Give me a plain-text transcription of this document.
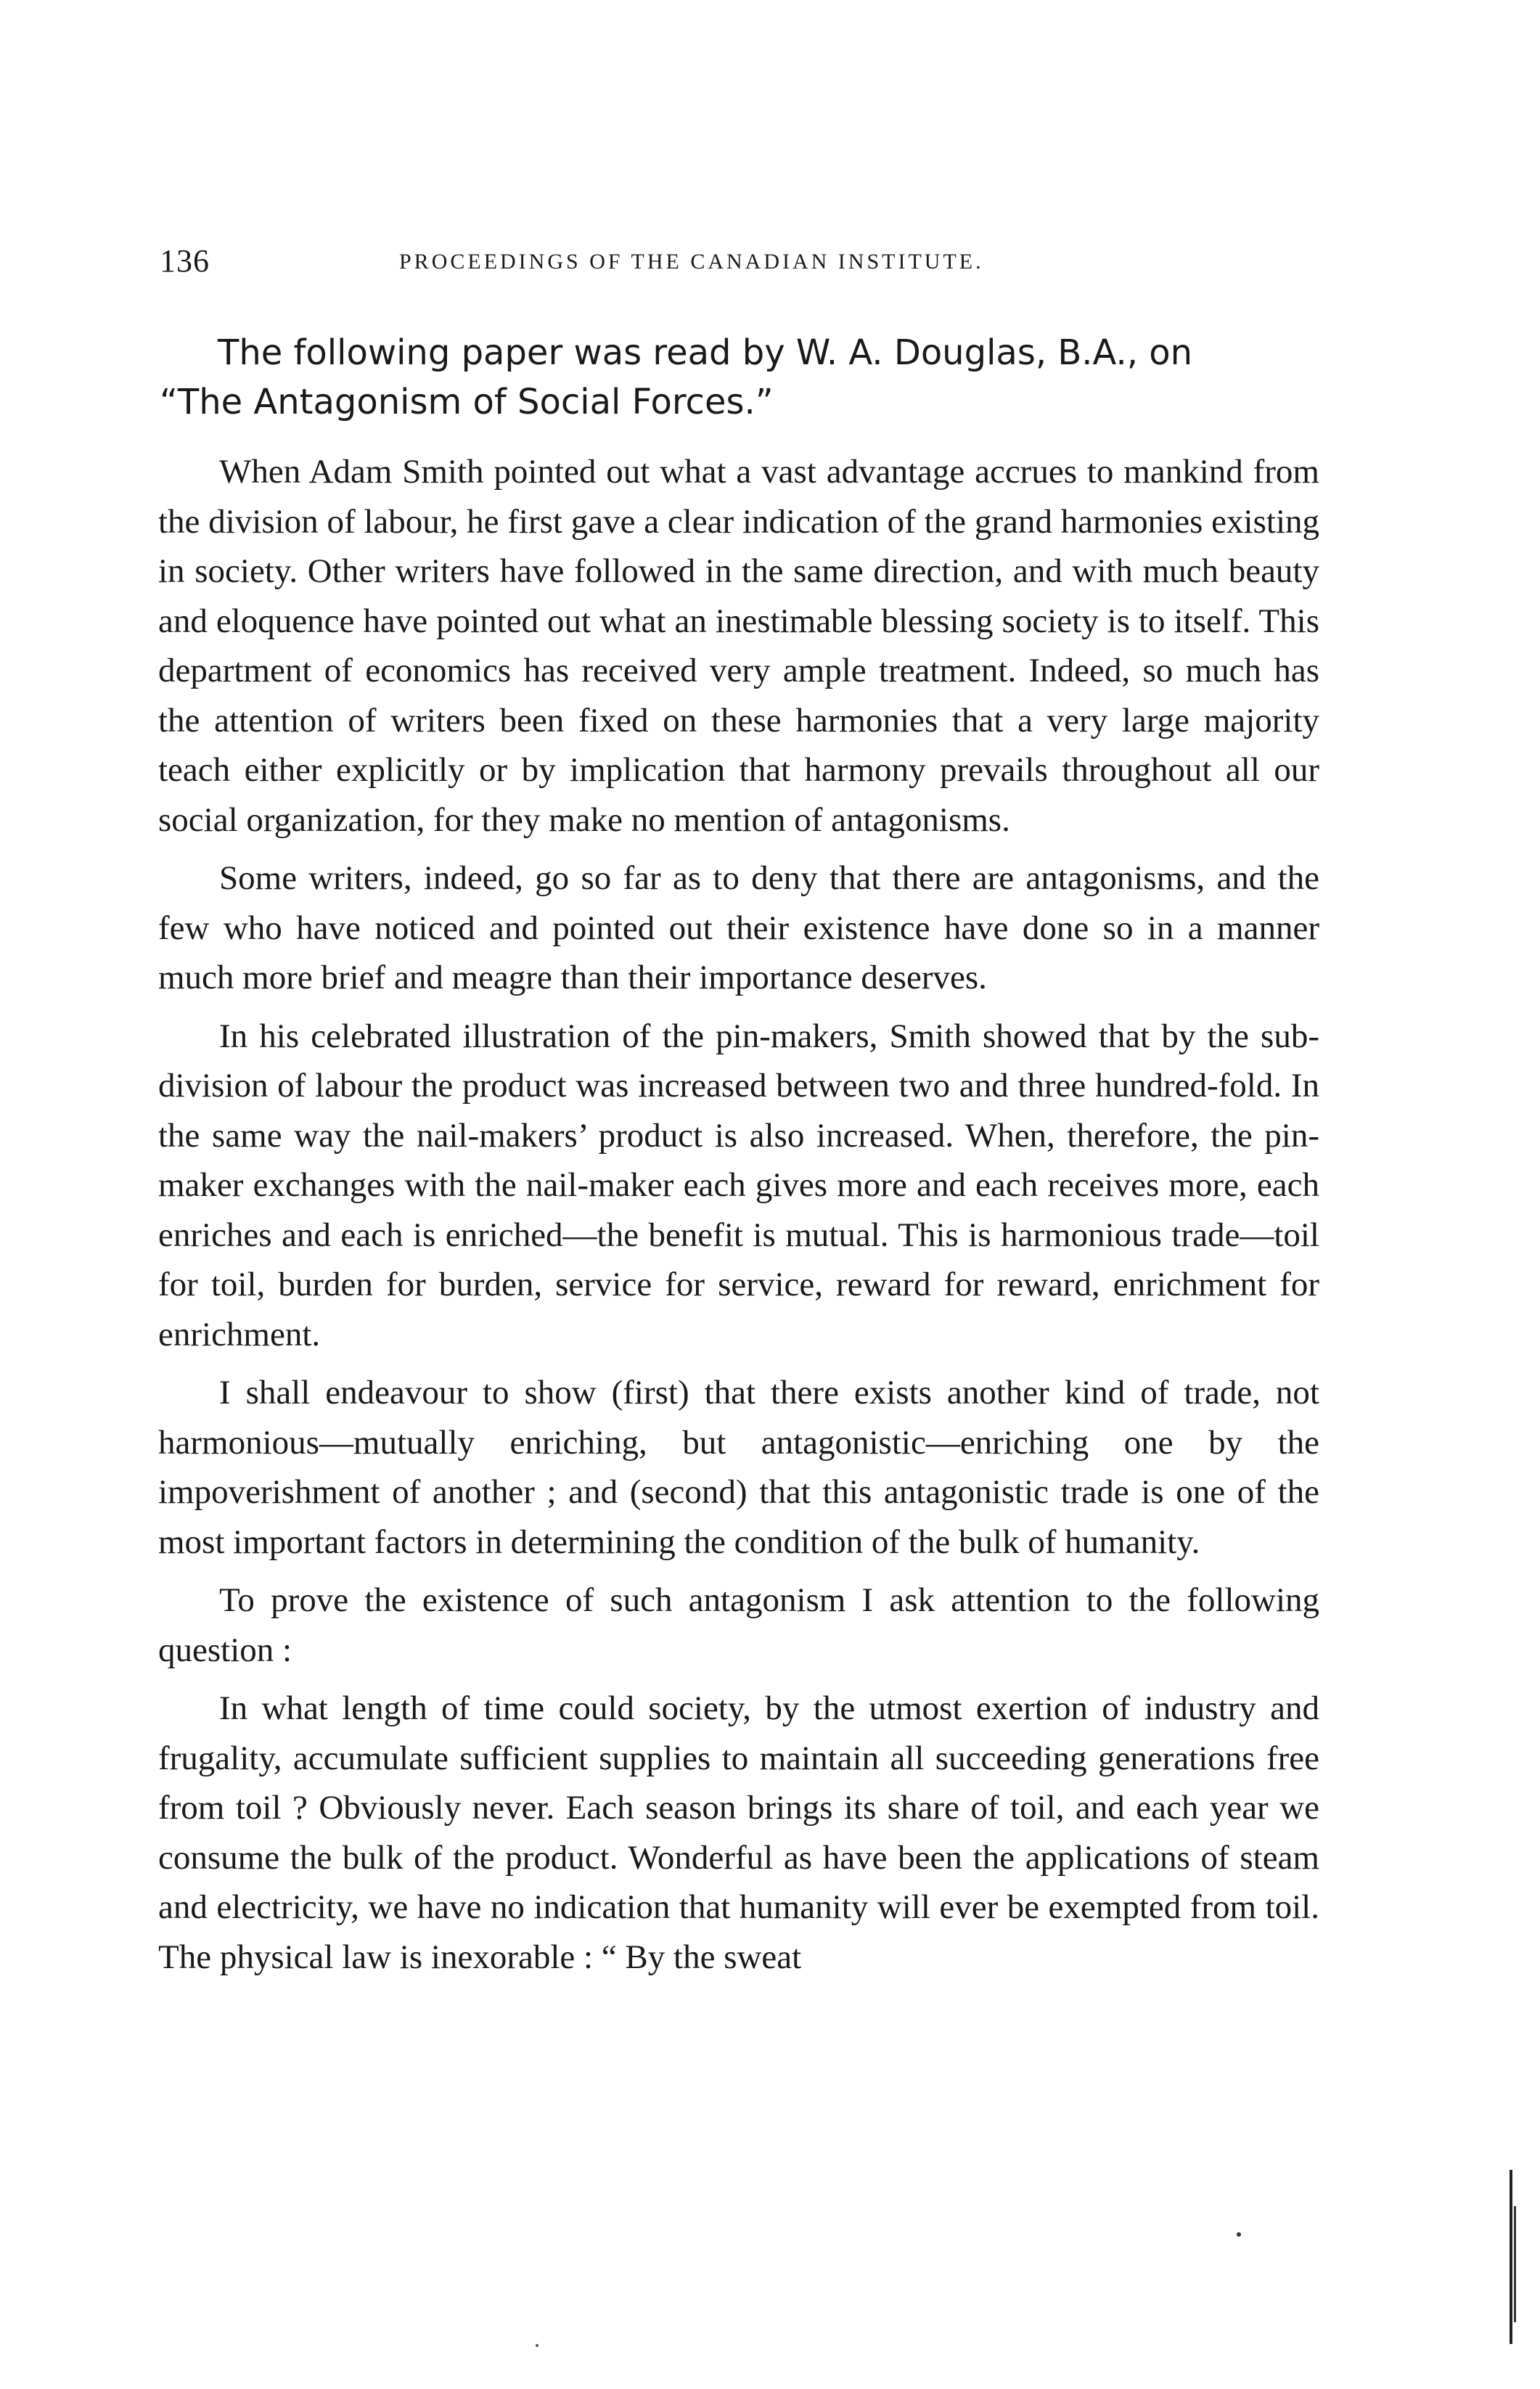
136	PROCEEDINGS OF THE CANADIAN INSTITUTE.

The following paper was read by W. A. Douglas, B.A., on
“The Antagonism of Social Forces.”

When Adam Smith pointed out what a vast advantage accrues to mankind from the division of labour, he first gave a clear indication of the grand harmonies existing in society. Other writers have followed in the same direction, and with much beauty and eloquence have pointed out what an inestimable blessing society is to itself. This department of economics has received very ample treatment. Indeed, so much has the attention of writers been fixed on these harmonies that a very large majority teach either explicitly or by implication that harmony prevails throughout all our social organization, for they make no mention of antagonisms.

Some writers, indeed, go so far as to deny that there are antagonisms, and the few who have noticed and pointed out their existence have done so in a manner much more brief and meagre than their importance deserves.

In his celebrated illustration of the pin-makers, Smith showed that by the sub-division of labour the product was increased between two and three hundred-fold. In the same way the nail-makers’ product is also increased. When, therefore, the pin-maker exchanges with the nail-maker each gives more and each receives more, each enriches and each is enriched—the benefit is mutual. This is harmonious trade—toil for toil, burden for burden, service for service, reward for reward, enrichment for enrichment.

I shall endeavour to show (first) that there exists another kind of trade, not harmonious—mutually enriching, but antagonistic—enriching one by the impoverishment of another ; and (second) that this antagonistic trade is one of the most important factors in determining the condition of the bulk of humanity.

To prove the existence of such antagonism I ask attention to the following question :

In what length of time could society, by the utmost exertion of industry and frugality, accumulate sufficient supplies to maintain all succeeding generations free from toil ? Obviously never. Each season brings its share of toil, and each year we consume the bulk of the product. Wonderful as have been the applications of steam and electricity, we have no indication that humanity will ever be exempted from toil. The physical law is inexorable : “ By the sweat
